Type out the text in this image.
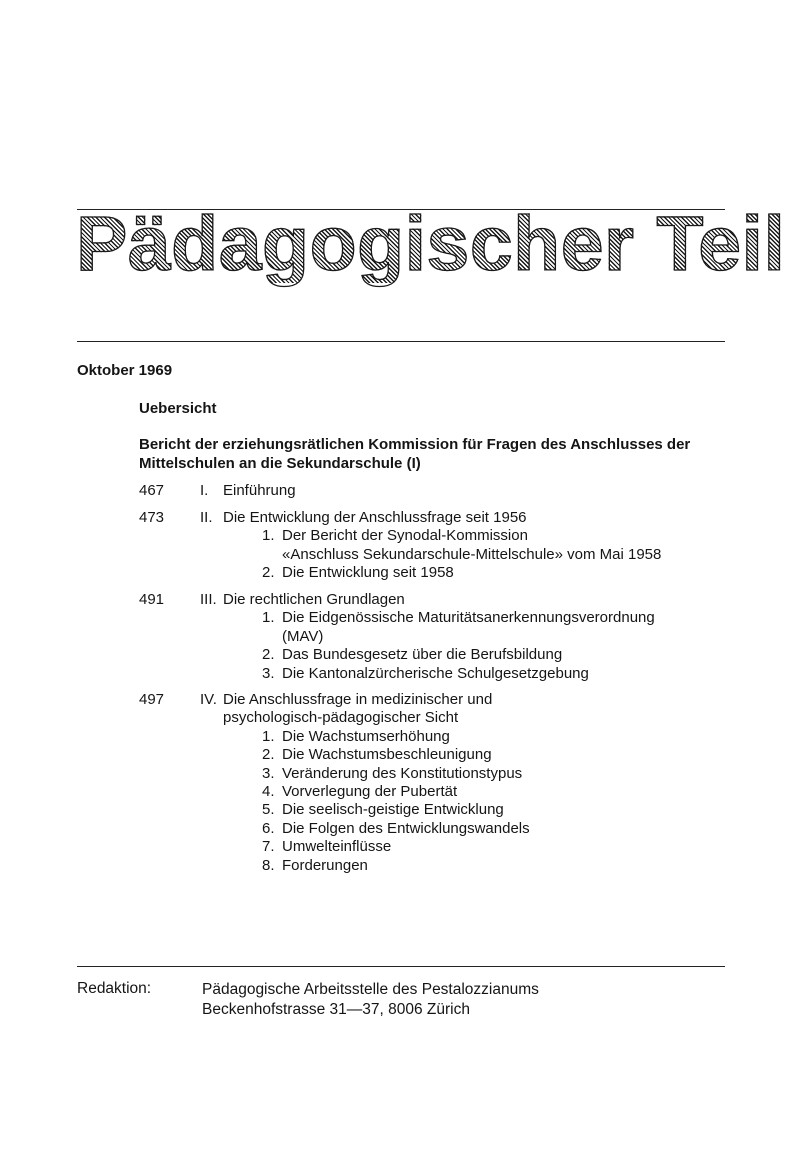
Pädagogischer Teil
Oktober 1969
Uebersicht
Bericht der erziehungsrätlichen Kommission für Fragen des Anschlusses der
Mittelschulen an die Sekundarschule (I)
467	I. Einführung
473	II. Die Entwicklung der Anschlussfrage seit 1956
1. Der Bericht der Synodal-Kommission
«Anschluss Sekundarschule-Mittelschule» vom Mai 1958
2. Die Entwicklung seit 1958
491	III. Die rechtlichen Grundlagen
1. Die Eidgenössische Maturitätsanerkennungsverordnung
(MAV)
2. Das Bundesgesetz über die Berufsbildung
3. Die Kantonalzürcherische Schulgesetzgebung
497	IV. Die Anschlussfrage in medizinischer und
psychologisch-pädagogischer Sicht
1. Die Wachstumserhöhung
2. Die Wachstumsbeschleunigung
3. Veränderung des Konstitutionstypus
4. Vorverlegung der Pubertät
5. Die seelisch-geistige Entwicklung
6. Die Folgen des Entwicklungswandels
7. Umwelteinflüsse
8. Forderungen
Redaktion:	Pädagogische Arbeitsstelle des Pestalozzianums
Beckenhofstrasse 31—37, 8006 Zürich
